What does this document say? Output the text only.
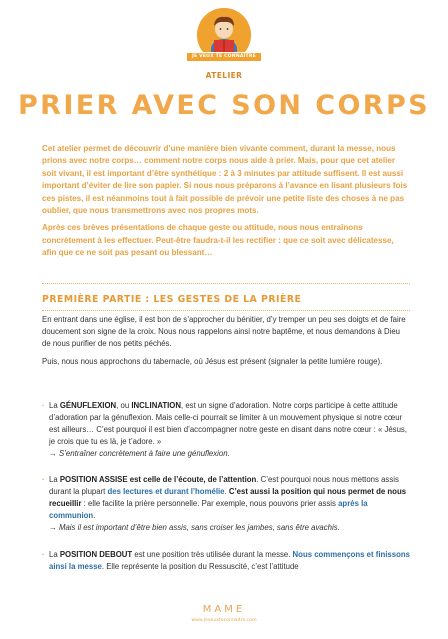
JE VEUX TE CONNAÎTRE
ATELIER
PRIER AVEC SON CORPS

Cet atelier permet de découvrir d’une manière bien vivante comment, durant la messe, nous prions avec notre corps… comment notre corps nous aide à prier. Mais, pour que cet atelier soit vivant, il est important d’être synthétique : 2 à 3 minutes par attitude suffisent. Il est aussi important d’éviter de lire son papier. Si nous nous préparons à l’avance en lisant plusieurs fois ces pistes, il est néanmoins tout à fait possible de prévoir une petite liste des choses à ne pas oublier, que nous transmettrons avec nos propres mots.

Après ces brèves présentations de chaque geste ou attitude, nous nous entraînons concrètement à les effectuer. Peut-être faudra-t-il les rectifier : que ce soit avec délicatesse, afin que ce ne soit pas pesant ou blessant…

PREMIÈRE PARTIE : LES GESTES DE LA PRIÈRE

En entrant dans une église, il est bon de s’approcher du bénitier, d’y tremper un peu ses doigts et de faire doucement son signe de la croix. Nous nous rappelons ainsi notre baptême, et nous demandons à Dieu de nous purifier de nos petits péchés.

Puis, nous nous approchons du tabernacle, où Jésus est présent (signaler la petite lumière rouge).

· La GÉNUFLEXION, ou INCLINATION, est un signe d’adoration. Notre corps participe à cette attitude d’adoration par la génuflexion. Mais celle-ci pourrait se limiter à un mouvement physique si notre cœur est ailleurs… C’est pourquoi il est bien d’accompagner notre geste en disant dans notre cœur : « Jésus, je crois que tu es là, je t’adore. »
→ S’entraîner concrètement à faire une génuflexion.
· La POSITION ASSISE est celle de l’écoute, de l’attention. C’est pourquoi nous nous mettons assis durant la plupart des lectures et durant l’homélie. C’est aussi la position qui nous permet de nous recueillir : elle facilite la prière personnelle. Par exemple, nous pouvons prier assis après la communion.
→ Mais il est important d’être bien assis, sans croiser les jambes, sans être avachis.
· La POSITION DEBOUT est une position très utilisée durant la messe. Nous commençons et finissons ainsi la messe. Elle représente la position du Ressuscité, c’est l’attitude
MAME
www.jeveuxteconnaitre.com
